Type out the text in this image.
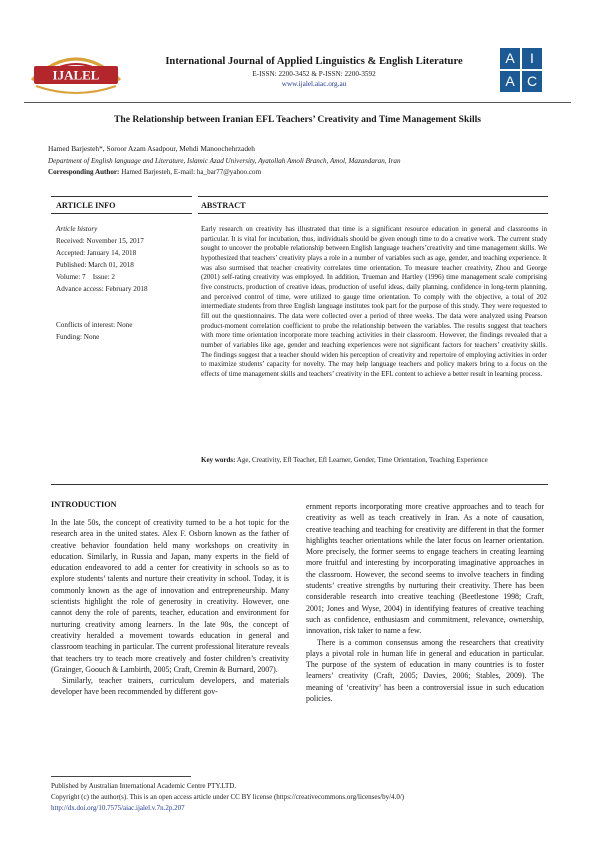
IJALEL
International Journal of Applied Linguistics & English Literature
E-ISSN: 2200-3452 & P-ISSN: 2200-3592
www.ijalel.aiac.org.au
A	I
A C
The Relationship between Iranian EFL Teachers’ Creativity and Time Management Skills
Hamed Barjesteh*, Soroor Azam Asadpour, Mehdi Manoochehrzadeh
Department of English language and Literature, Islamic Azad University, Ayatollah Amoli Branch, Amol, Mazandaran, Iran
Corresponding Author: Hamed Barjesteh, E-mail: ha_bar77@yahoo.com
ARTICLE INFO	ABSTRACT
Article history
Received: November 15, 2017
Accepted: January 14, 2018
Published: March 01, 2018
Volume: 7    Issue: 2
Advance access: February 2018
Conflicts of interest: None
Funding: None
Early research on creativity has illustrated that time is a significant resource education in general and classrooms in particular. It is vital for incubation, thus, individuals should be given enough time to do a creative work. The current study sought to uncover the probable relationship between English language teachers’creativity and time management skills. We hypothesized that teachers’ creativity plays a role in a number of variables such as age, gender, and teaching experience. It was also surmised that teacher creativity correlates time orientation. To measure teacher creativity, Zhou and George (2001) self-rating creativity was employed. In addition, Trueman and Hartley (1996) time management scale comprising five constructs, production of creative ideas, production of useful ideas, daily planning, confidence in long-term planning, and perceived control of time, were utilized to gauge time orientation. To comply with the objective, a total of 202 intermediate students from three English language institutes took part for the purpose of this study. They were requested to fill out the questionnaires. The data were collected over a period of three weeks. The data were analyzed using Pearson product-moment correlation coefficient to probe the relationship between the variables. The results suggest that teachers with more time orientation incorporate more teaching activities in their classroom. However, the findings revealed that a number of variables like age, gender and teaching experiences were not significant factors for teachers’ creativity skills. The findings suggest that a teacher should widen his perception of creativity and repertoire of employing activities in order to maximize students’ capacity for novelty. The may help language teachers and policy makers bring to a focus on the effects of time management skills and teachers’ creativity in the EFL content to achieve a better result in learning process.
Key words: Age, Creativity, Efl Teacher, Efl Learner, Gender, Time Orientation, Teaching Experience
INTRODUCTION

In the late 50s, the concept of creativity turned to be a hot topic for the research area in the united states. Alex F. Osborn known as the father of creative behavior foundation held many workshops on creativity in education. Similarly, in Russia and Japan, many experts in the field of education endeavored to add a center for creativity in schools so as to explore students’ talents and nurture their creativity in school. Today, it is commonly known as the age of innovation and entrepreneurship. Many scientists highlight the role of generosity in creativity. However, one cannot deny the role of parents, teacher, education and environment for nurturing creativity among learners. In the late 90s, the concept of creativity heralded a movement towards education in general and classroom teaching in particular. The current professional literature reveals that teachers try to teach more creatively and foster children’s creativity (Grainger, Goouch & Lambirth, 2005; Craft, Cremin & Burnard, 2007).

Similarly, teacher trainers, curriculum developers, and materials developer have been recommended by different gov-

ernment reports incorporating more creative approaches and to teach for creativity as well as teach creatively in Iran. As a note of causation, creative teaching and teaching for creativity are different in that the former highlights teacher orientations while the later focus on learner orientation. More precisely, the former seems to engage teachers in creating learning more fruitful and interesting by incorporating imaginative approaches in the classroom. However, the second seems to involve teachers in finding students’ creative strengths by nurturing their creativity. There has been considerable research into creative teaching (Beetlestone 1998; Craft, 2001; Jones and Wyse, 2004) in identifying features of creative teaching such as confidence, enthusiasm and commitment, relevance, ownership, innovation, risk taker to name a few.

There is a common consensus among the researchers that creativity plays a pivotal role in human life in general and education in particular. The purpose of the system of education in many countries is to foster learners’ creativity (Craft, 2005; Davies, 2006; Stables, 2009). The meaning of ‘creativity’ has been a controversial issue in such education policies.

Published by Australian International Academic Centre PTY.LTD.
Copyright (c) the author(s). This is an open access article under CC BY license (https://creativecommons.org/licenses/by/4.0/)
http://dx.doi.org/10.7575/aiac.ijalel.v.7n.2p.207
